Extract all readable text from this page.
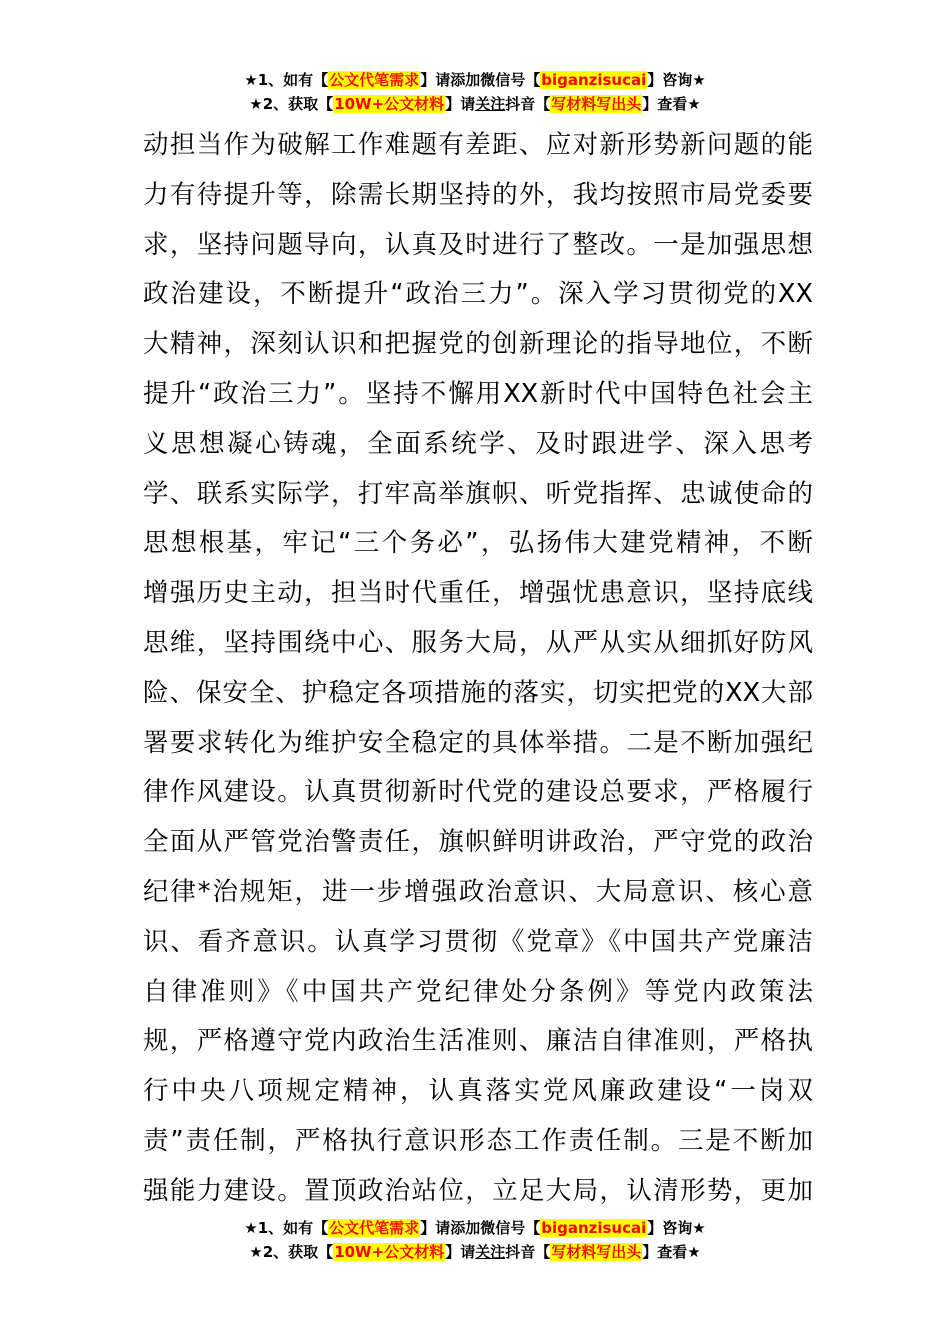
★1、如有【公文代笔需求】请添加微信号【biganzisucai】咨询★
★2、获取【10W+公文材料】请关注抖音【写材料写出头】查看★
动担当作为破解工作难题有差距、应对新形势新问题的能
力有待提升等，除需长期坚持的外，我均按照市局党委要
求，坚持问题导向，认真及时进行了整改。一是加强思想
政治建设，不断提升“政治三力”。深入学习贯彻党的XX
大精神，深刻认识和把握党的创新理论的指导地位，不断
提升“政治三力”。坚持不懈用XX新时代中国特色社会主
义思想凝心铸魂，全面系统学、及时跟进学、深入思考
学、联系实际学，打牢高举旗帜、听党指挥、忠诚使命的
思想根基，牢记“三个务必”，弘扬伟大建党精神，不断
增强历史主动，担当时代重任，增强忧患意识，坚持底线
思维，坚持围绕中心、服务大局，从严从实从细抓好防风
险、保安全、护稳定各项措施的落实，切实把党的XX大部
署要求转化为维护安全稳定的具体举措。二是不断加强纪
律作风建设。认真贯彻新时代党的建设总要求，严格履行
全面从严管党治警责任，旗帜鲜明讲政治，严守党的政治
纪律*治规矩，进一步增强政治意识、大局意识、核心意
识、看齐意识。认真学习贯彻《党章》《中国共产党廉洁
自律准则》《中国共产党纪律处分条例》等党内政策法
规，严格遵守党内政治生活准则、廉洁自律准则，严格执
行中央八项规定精神，认真落实党风廉政建设“一岗双
责”责任制，严格执行意识形态工作责任制。三是不断加
强能力建设。置顶政治站位，立足大局，认清形势，更加
★1、如有【公文代笔需求】请添加微信号【biganzisucai】咨询★
★2、获取【10W+公文材料】请关注抖音【写材料写出头】查看★
